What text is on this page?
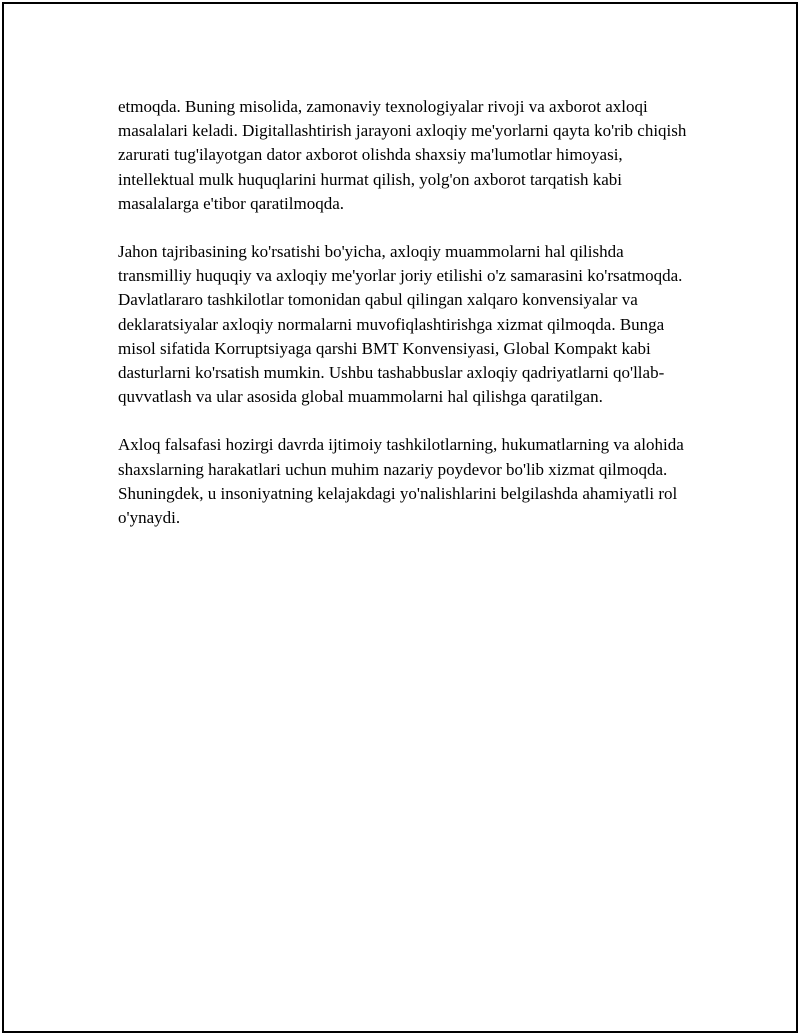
etmoqda. Buning misolida, zamonaviy texnologiyalar rivoji va axborot axloqi masalalari keladi. Digitallashtirish jarayoni axloqiy me'yorlarni qayta ko'rib chiqish zarurati tug'ilayotgan dator axborot olishda shaxsiy ma'lumotlar himoyasi, intellektual mulk huquqlarini hurmat qilish, yolg'on axborot tarqatish kabi masalalarga e'tibor qaratilmoqda.

Jahon tajribasining ko'rsatishi bo'yicha, axloqiy muammolarni hal qilishda transmilliy huquqiy va axloqiy me'yorlar joriy etilishi o'z samarasini ko'rsatmoqda. Davlatlararo tashkilotlar tomonidan qabul qilingan xalqaro konvensiyalar va deklaratsiyalar axloqiy normalarni muvofiqlashtirishga xizmat qilmoqda. Bunga misol sifatida Korruptsiyaga qarshi BMT Konvensiyasi, Global Kompakt kabi dasturlarni ko'rsatish mumkin. Ushbu tashabbuslar axloqiy qadriyatlarni qo'llab-quvvatlash va ular asosida global muammolarni hal qilishga qaratilgan.

Axloq falsafasi hozirgi davrda ijtimoiy tashkilotlarning, hukumatlarning va alohida shaxslarning harakatlari uchun muhim nazariy poydevor bo'lib xizmat qilmoqda. Shuningdek, u insoniyatning kelajakdagi yo'nalishlarini belgilashda ahamiyatli rol o'ynaydi.
